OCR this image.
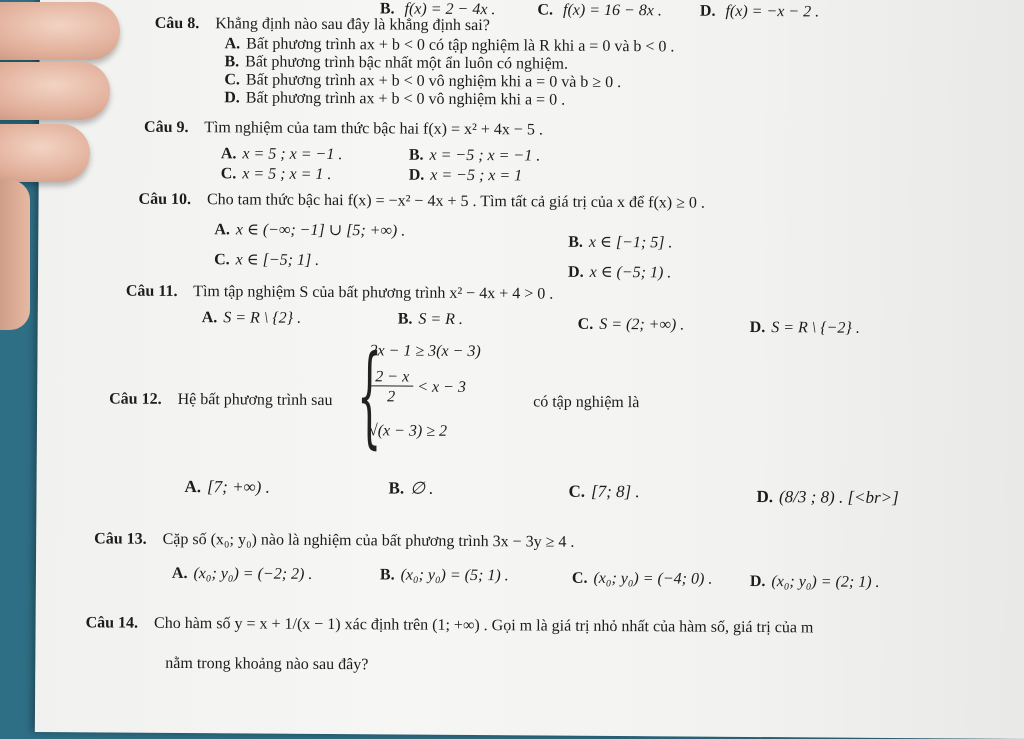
B. f(x) = 2 − 4x .	C. f(x) = 16 − 8x . D. f(x) = −x − 2 .
Câu 8. Khẳng định nào sau đây là khẳng định sai?
A. Bất phương trình ax + b < 0 có tập nghiệm là R khi a = 0 và b < 0 .
B. Bất phương trình bậc nhất một ẩn luôn có nghiệm.
C. Bất phương trình ax + b < 0 vô nghiệm khi a = 0 và b ≥ 0 .
D. Bất phương trình ax + b < 0 vô nghiệm khi a = 0 .
Câu 9. Tìm nghiệm của tam thức bậc hai f(x) = x² + 4x − 5 .
A. x = 5 ; x = −1 .	B. x = −5 ; x = −1 .
C. x = 5 ; x = 1 .	D. x = −5 ; x = 1
Câu 10. Cho tam thức bậc hai f(x) = −x² − 4x + 5 . Tìm tất cả giá trị của x để f(x) ≥ 0 .
A. x ∈ (−∞; −1] ∪ [5; +∞) .
B. x ∈ [−1; 5] .
C. x ∈ [−5; 1] .
D. x ∈ (−5; 1) .
Câu 11. Tìm tập nghiệm S của bất phương trình x² − 4x + 4 > 0 .
A. S = R \ {2} .	B. S = R .	C. S = (2; +∞) .	D. S = R \ {−2} .
Câu 12. Hệ bất phương trình sau {
2x − 1 ≥ 3(x − 3)
2 − x
2
< x − 3
√(x − 3) ≥ 2
có tập nghiệm là
A. [7; +∞) .	B. ∅ .	C. [7; 8] .	D. (8/3 ; 8) . [<br>]
Câu 13. Cặp số (x₀; y₀) nào là nghiệm của bất phương trình 3x − 3y ≥ 4 .
A. (x₀; y₀) = (−2; 2) .	B. (x₀; y₀) = (5; 1) .	C. (x₀; y₀) = (−4; 0) . D. (x₀; y₀) = (2; 1) .
Câu 14. Cho hàm số y = x + 1/(x − 1) xác định trên (1; +∞) . Gọi m là giá trị nhỏ nhất của hàm số, giá trị của m
nằm trong khoảng nào sau đây?
